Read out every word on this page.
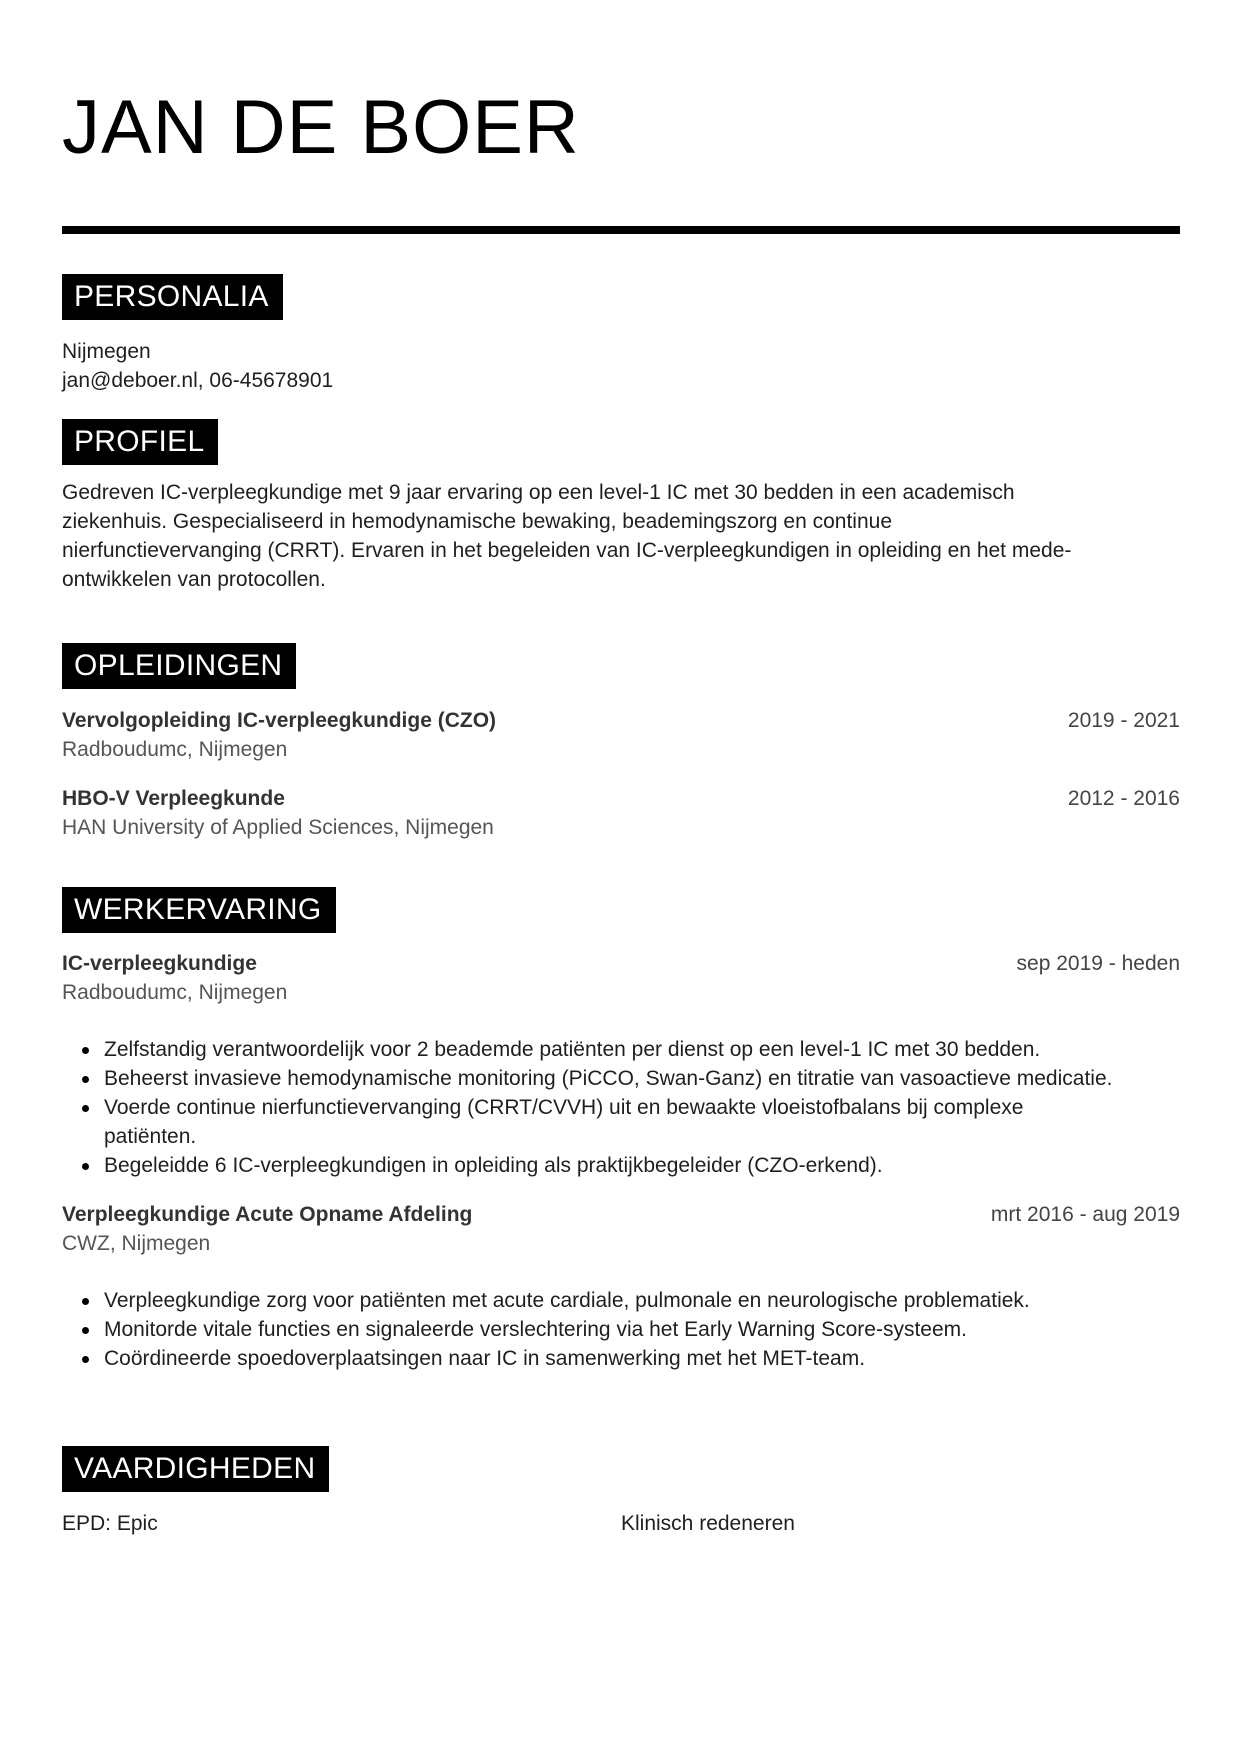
JAN DE BOER
PERSONALIA
Nijmegen
jan@deboer.nl, 06-45678901
PROFIEL
Gedreven IC-verpleegkundige met 9 jaar ervaring op een level-1 IC met 30 bedden in een academisch
ziekenhuis. Gespecialiseerd in hemodynamische bewaking, beademingszorg en continue
nierfunctievervanging (CRRT). Ervaren in het begeleiden van IC-verpleegkundigen in opleiding en het mede-
ontwikkelen van protocollen.
OPLEIDINGEN
Vervolgopleiding IC-verpleegkundige (CZO)	2019 - 2021
Radboudumc, Nijmegen
HBO-V Verpleegkunde	2012 - 2016
HAN University of Applied Sciences, Nijmegen
WERKERVARING
IC-verpleegkundige	sep 2019 - heden
Radboudumc, Nijmegen
Zelfstandig verantwoordelijk voor 2 beademde patiënten per dienst op een level-1 IC met 30 bedden.
Beheerst invasieve hemodynamische monitoring (PiCCO, Swan-Ganz) en titratie van vasoactieve medicatie.
Voerde continue nierfunctievervanging (CRRT/CVVH) uit en bewaakte vloeistofbalans bij complexe patiënten.
Begeleidde 6 IC-verpleegkundigen in opleiding als praktijkbegeleider (CZO-erkend).
Verpleegkundige Acute Opname Afdeling	mrt 2016 - aug 2019
CWZ, Nijmegen
Verpleegkundige zorg voor patiënten met acute cardiale, pulmonale en neurologische problematiek.
Monitorde vitale functies en signaleerde verslechtering via het Early Warning Score-systeem.
Coördineerde spoedoverplaatsingen naar IC in samenwerking met het MET-team.
VAARDIGHEDEN
EPD: Epic	Klinisch redeneren
